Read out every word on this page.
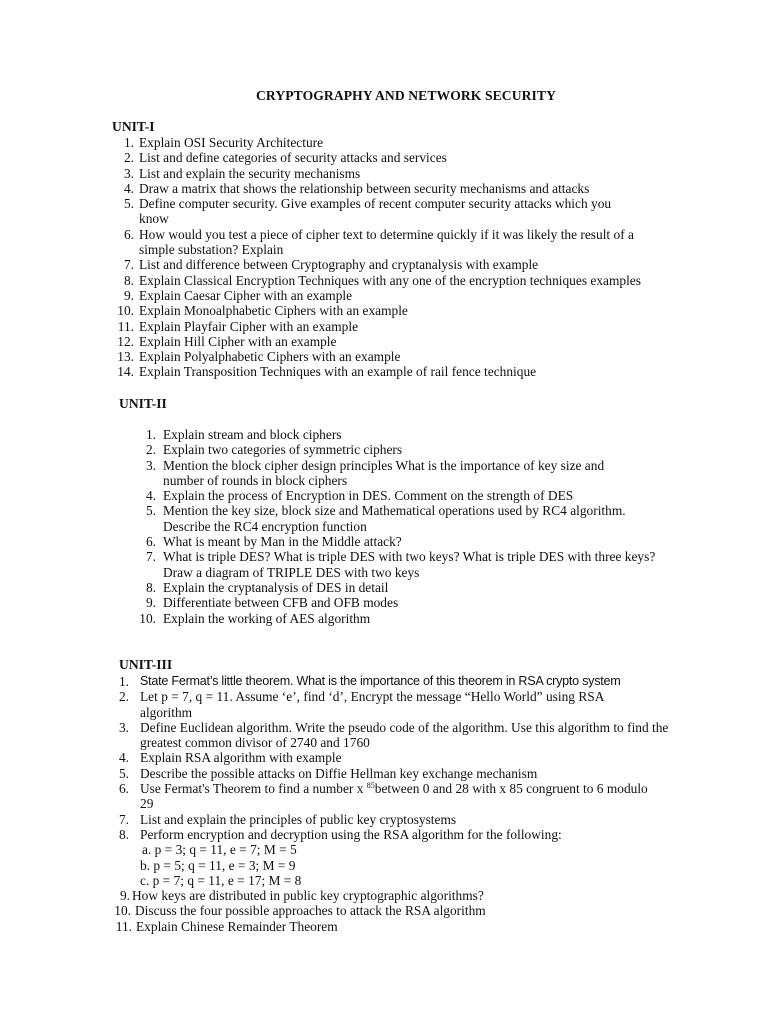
CRYPTOGRAPHY AND NETWORK SECURITY
UNIT-I
1. Explain OSI Security Architecture
2. List and define categories of security attacks and services
3. List and explain the security mechanisms
4. Draw a matrix that shows the relationship between security mechanisms and attacks
5. Define computer security. Give examples of recent computer security attacks which you know
6. How would you test a piece of cipher text to determine quickly if it was likely the result of a simple substation? Explain
7. List and difference between Cryptography and cryptanalysis with example
8. Explain Classical Encryption Techniques with any one of the encryption techniques examples
9. Explain Caesar Cipher with an example
10. Explain Monoalphabetic Ciphers with an example
11. Explain Playfair Cipher with an example
12. Explain Hill Cipher with an example
13. Explain Polyalphabetic Ciphers with an example
14. Explain Transposition Techniques with an example of rail fence technique
UNIT-II
1. Explain stream and block ciphers
2. Explain two categories of symmetric ciphers
3. Mention the block cipher design principles What is the importance of key size and number of rounds in block ciphers
4. Explain the process of Encryption in DES. Comment on the strength of DES
5. Mention the key size, block size and Mathematical operations used by RC4 algorithm. Describe the RC4 encryption function
6. What is meant by Man in the Middle attack?
7. What is triple DES? What is triple DES with two keys? What is triple DES with three keys? Draw a diagram of TRIPLE DES with two keys
8. Explain the cryptanalysis of DES in detail
9. Differentiate between CFB and OFB modes
10. Explain the working of AES algorithm
UNIT-III
1. State Fermat’s little theorem. What is the importance of this theorem in RSA crypto system
2. Let p = 7, q = 11. Assume ‘e’, find ‘d’, Encrypt the message “Hello World” using RSA algorithm
3. Define Euclidean algorithm. Write the pseudo code of the algorithm. Use this algorithm to find the greatest common divisor of 2740 and 1760
4. Explain RSA algorithm with example
5. Describe the possible attacks on Diffie Hellman key exchange mechanism
6. Use Fermat's Theorem to find a number x $^{85}$between 0 and 28 with x 85 congruent to 6 modulo 29
7. List and explain the principles of public key cryptosystems
8. Perform encryption and decryption using the RSA algorithm for the following:
a. p = 3; q = 11, e = 7; M = 5
b. p = 5; q = 11, e = 3; M = 9
c. p = 7; q = 11, e = 17; M = 8
9. How keys are distributed in public key cryptographic algorithms?
10. Discuss the four possible approaches to attack the RSA algorithm
11. Explain Chinese Remainder Theorem
